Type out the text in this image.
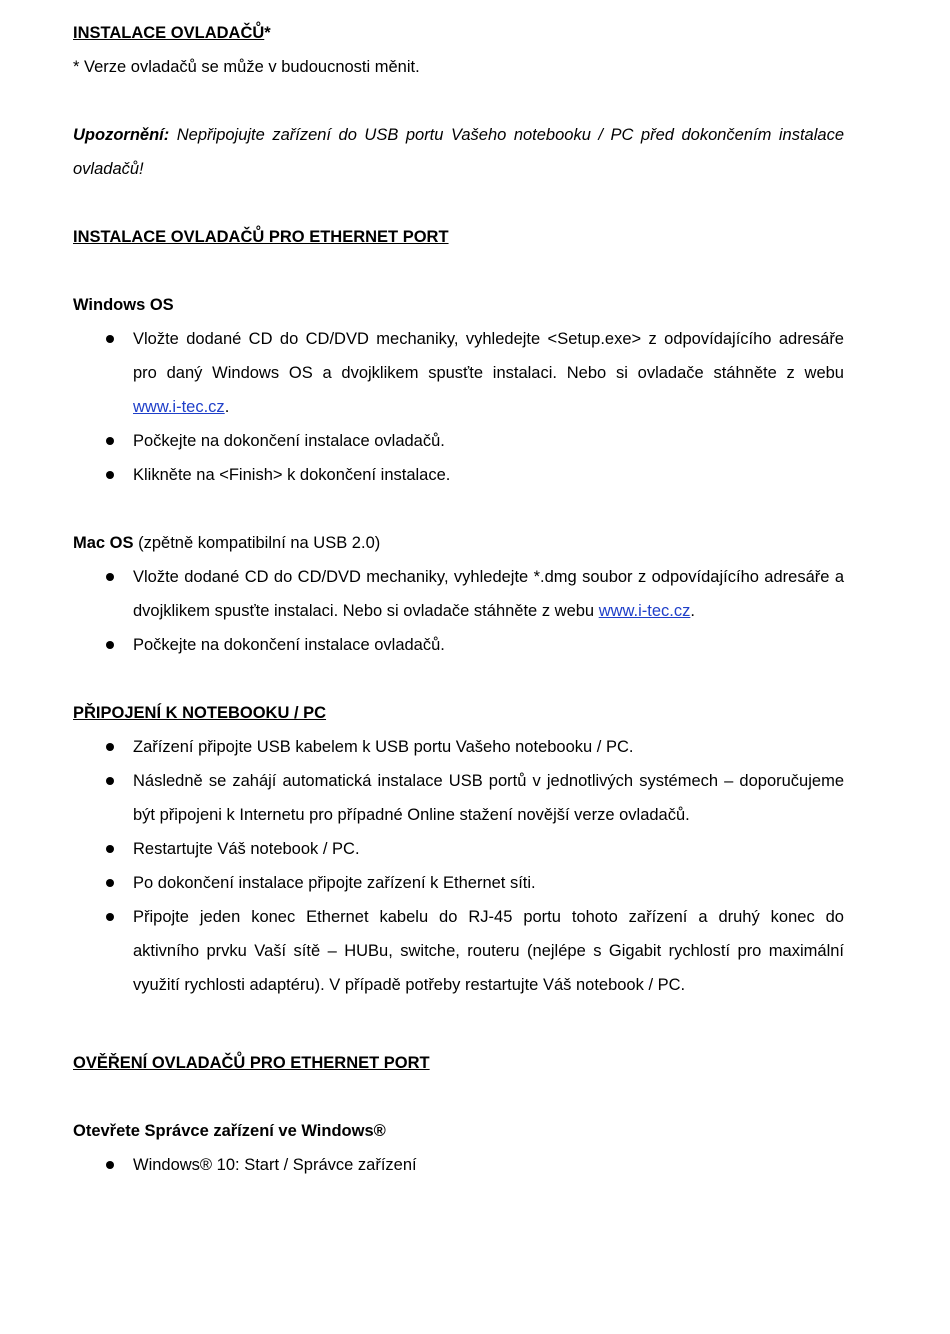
INSTALACE OVLADAČŮ*
* Verze ovladačů se může v budoucnosti měnit.
Upozornění: Nepřipojujte zařízení do USB portu Vašeho notebooku / PC před dokončením instalace
ovladačů!
INSTALACE OVLADAČŮ PRO ETHERNET PORT
Windows OS
Vložte dodané CD do CD/DVD mechaniky, vyhledejte <Setup.exe> z odpovídajícího adresáře
pro daný Windows OS a dvojklikem spusťte instalaci. Nebo si ovladače stáhněte z webu
www.i-tec.cz.
Počkejte na dokončení instalace ovladačů.
Klikněte na <Finish> k dokončení instalace.
Mac OS (zpětně kompatibilní na USB 2.0)
Vložte dodané CD do CD/DVD mechaniky, vyhledejte *.dmg soubor z odpovídajícího adresáře a
dvojklikem spusťte instalaci. Nebo si ovladače stáhněte z webu www.i-tec.cz.
Počkejte na dokončení instalace ovladačů.
PŘIPOJENÍ K NOTEBOOKU / PC
Zařízení připojte USB kabelem k USB portu Vašeho notebooku / PC.
Následně se zahájí automatická instalace USB portů v jednotlivých systémech – doporučujeme
být připojeni k Internetu pro případné Online stažení novější verze ovladačů.
Restartujte Váš notebook / PC.
Po dokončení instalace připojte zařízení k Ethernet síti.
Připojte jeden konec Ethernet kabelu do RJ-45 portu tohoto zařízení a druhý konec do
aktivního prvku Vaší sítě – HUBu, switche, routeru (nejlépe s Gigabit rychlostí pro maximální
využití rychlosti adaptéru). V případě potřeby restartujte Váš notebook / PC.
OVĚŘENÍ OVLADAČŮ PRO ETHERNET PORT
Otevřete Správce zařízení ve Windows®
Windows® 10: Start / Správce zařízení
